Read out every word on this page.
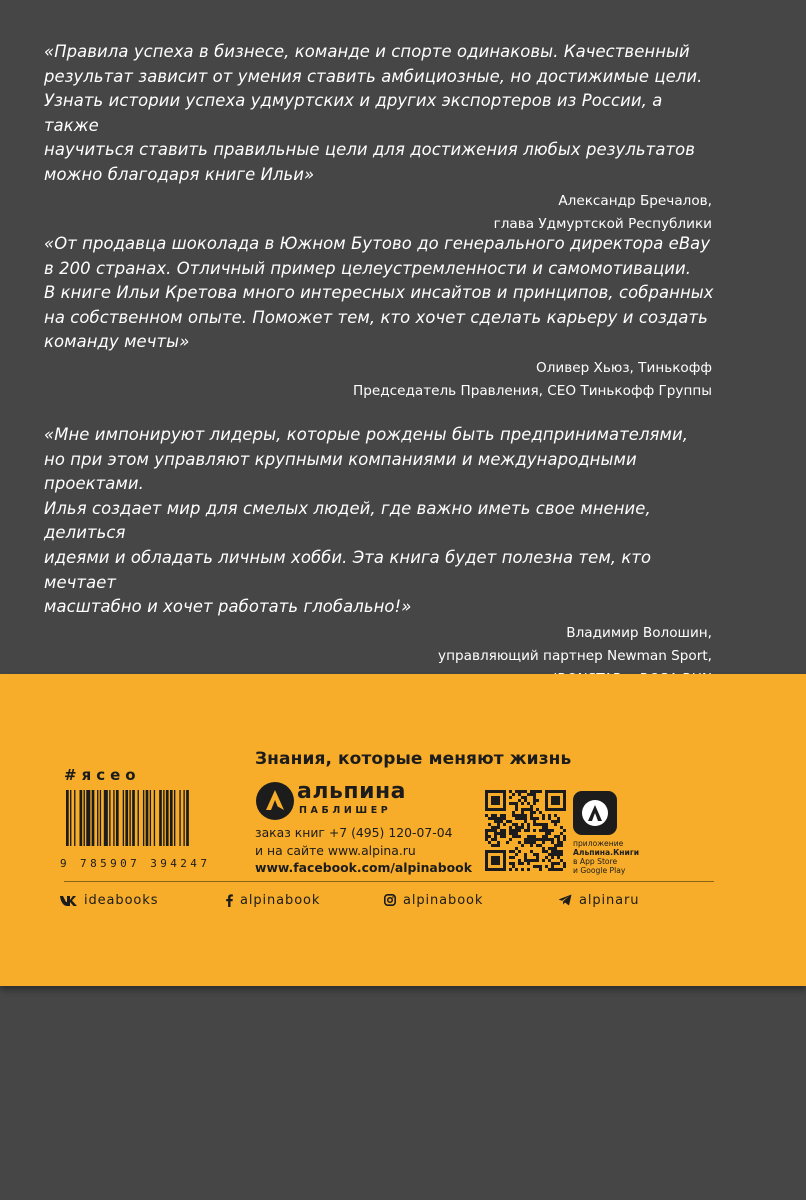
«Правила успеха в бизнесе, команде и спорте одинаковы. Качественный
результат зависит от умения ставить амбициозные, но достижимые цели.
Узнать истории успеха удмуртских и других экспортеров из России, а также
научиться ставить правильные цели для достижения любых результатов
можно благодаря книге Ильи»
Александр Бречалов,
глава Удмуртской Республики
«От продавца шоколада в Южном Бутово до генерального директора eBay
в 200 странах. Отличный пример целеустремленности и самомотивации.
В книге Ильи Кретова много интересных инсайтов и принципов, собранных
на собственном опыте. Поможет тем, кто хочет сделать карьеру и создать
команду мечты»
Оливер Хьюз, Тинькофф
Председатель Правления, CEO Тинькофф Группы
«Мне импонируют лидеры, которые рождены быть предпринимателями,
но при этом управляют крупными компаниями и международными проектами.
Илья создает мир для смелых людей, где важно иметь свое мнение, делиться
идеями и обладать личным хобби. Эта книга будет полезна тем, кто мечтает
масштабно и хочет работать глобально!»
Владимир Волошин,
управляющий партнер Newman Sport,

Знания, которые меняют жизнь
#ясео
9 785907 394247
альпина
ПАБЛИШЕР
заказ книг +7 (495) 120-07-04
и на сайте www.alpina.ru
www.facebook.com/alpinabook
приложение
Альпина.Книги
в App Store
и Google Play
ideabooks	alpinabook	alpinabook	alpinaru
